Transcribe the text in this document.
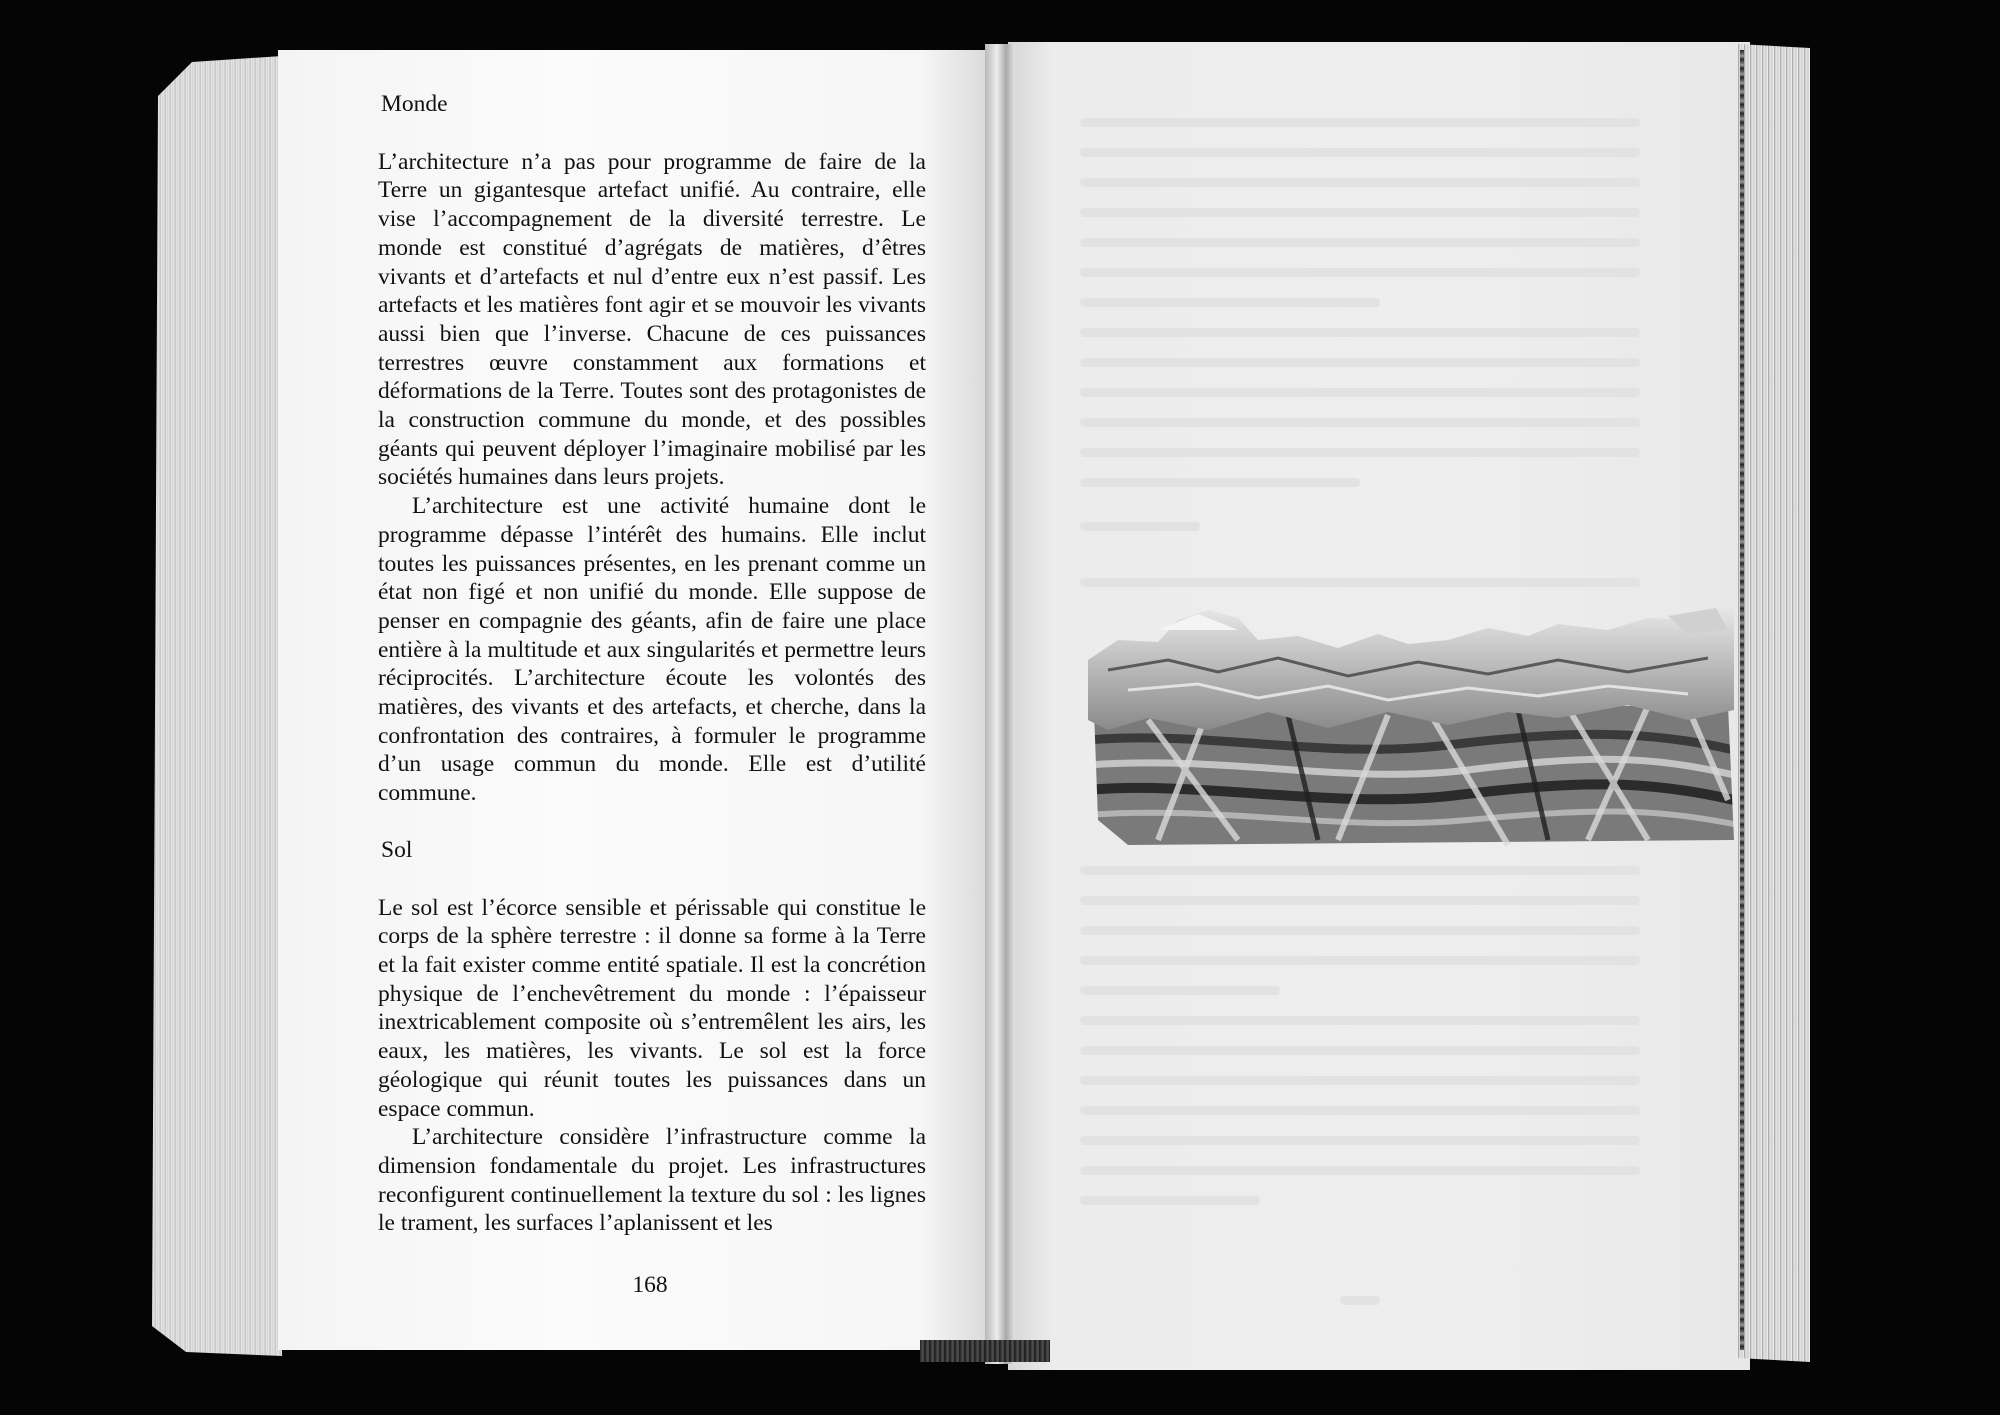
Monde

L’architecture n’a pas pour programme de faire de la Terre un gigantesque artefact unifié. Au contraire, elle vise l’accompagnement de la diversité terrestre. Le monde est constitué d’agrégats de matières, d’êtres vivants et d’artefacts et nul d’entre eux n’est passif. Les artefacts et les matières font agir et se mouvoir les vivants aussi bien que l’inverse. Chacune de ces puissances terrestres œuvre constamment aux formations et déformations de la Terre. Toutes sont des protagonistes de la construction commune du monde, et des possibles géants qui peuvent déployer l’imaginaire mobilisé par les sociétés humaines dans leurs projets.

L’architecture est une activité humaine dont le programme dépasse l’intérêt des humains. Elle inclut toutes les puissances présentes, en les prenant comme un état non figé et non unifié du monde. Elle suppose de penser en compagnie des géants, afin de faire une place entière à la multitude et aux singularités et permettre leurs réciprocités. L’architecture écoute les volontés des matières, des vivants et des artefacts, et cherche, dans la confrontation des contraires, à formuler le programme d’un usage commun du monde. Elle est d’utilité commune.

Sol

Le sol est l’écorce sensible et périssable qui constitue le corps de la sphère terrestre : il donne sa forme à la Terre et la fait exister comme entité spatiale. Il est la concrétion physique de l’enchevêtrement du monde : l’épaisseur inextricablement composite où s’entremêlent les airs, les eaux, les matières, les vivants. Le sol est la force géologique qui réunit toutes les puissances dans un espace commun.

L’architecture considère l’infrastructure comme la dimension fondamentale du projet. Les infrastructures reconfigurent continuellement la texture du sol : les lignes le trament, les surfaces l’aplanissent et les

168
